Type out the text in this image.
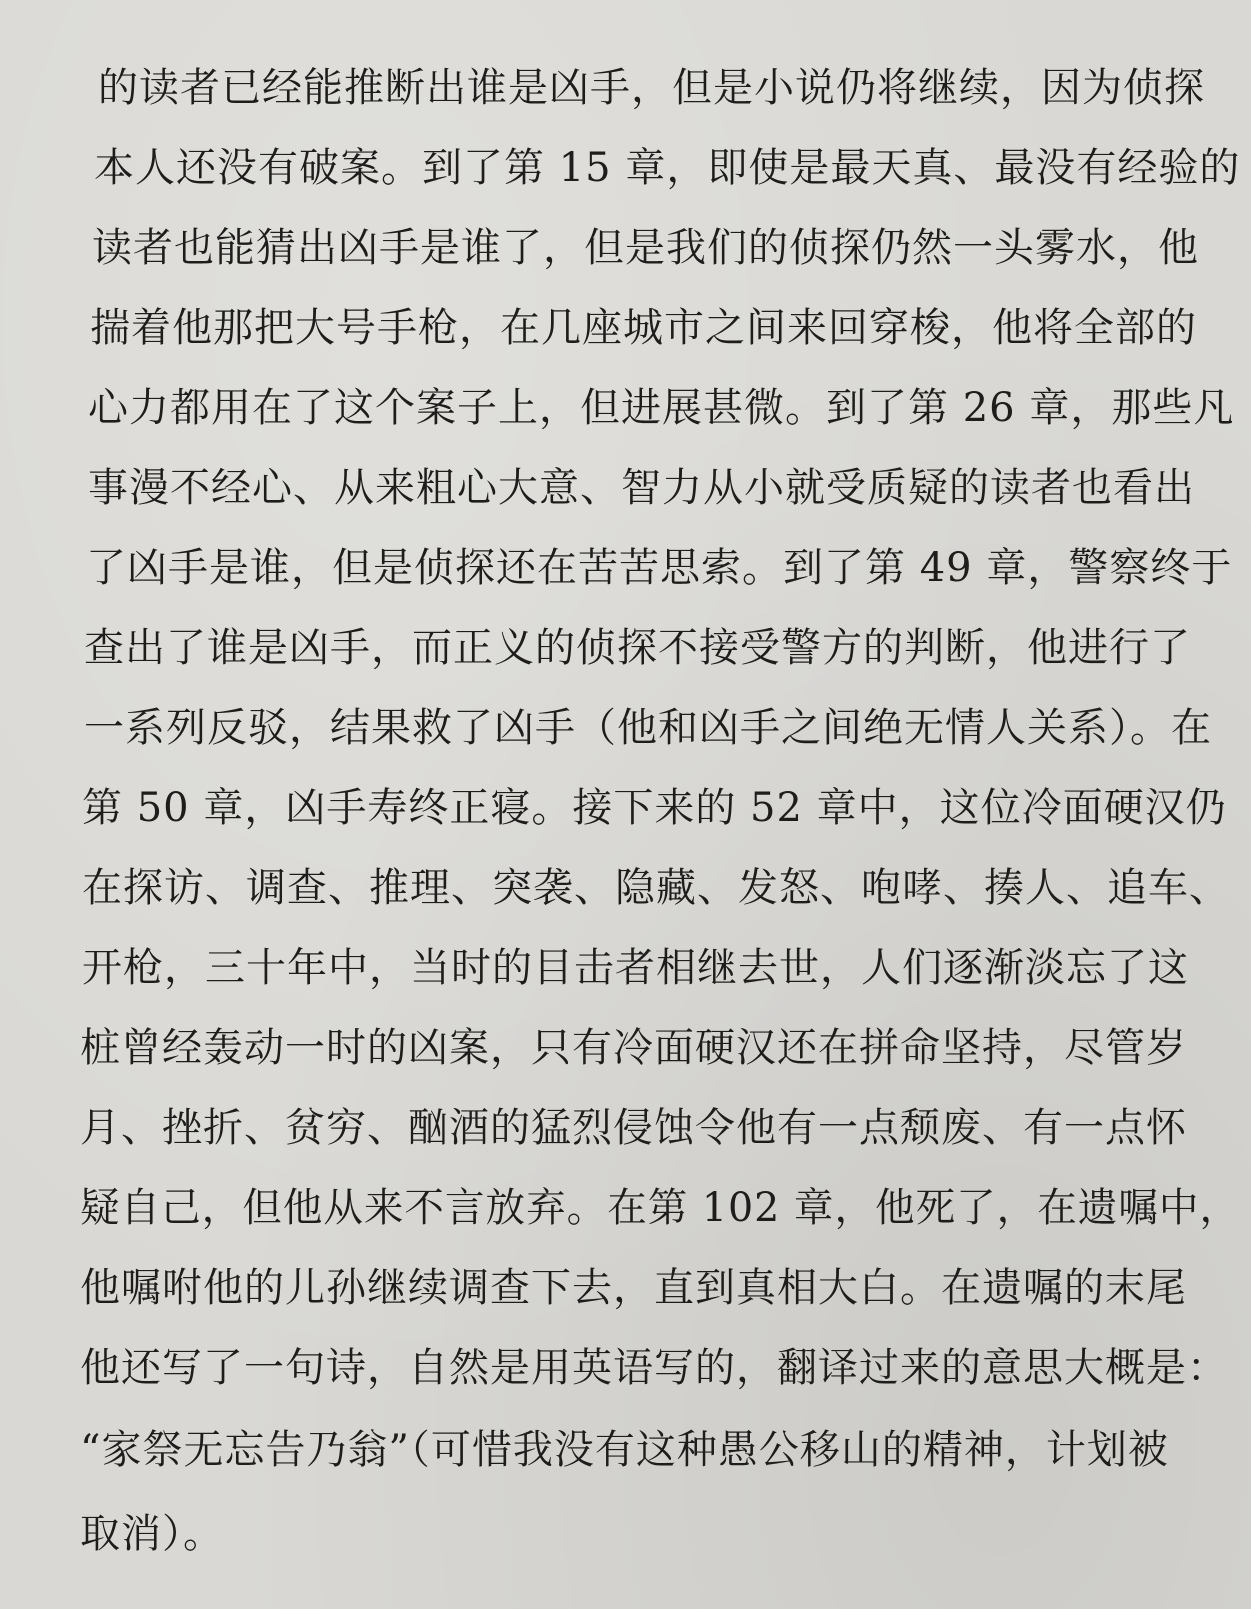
的读者已经能推断出谁是凶手，但是小说仍将继续，因为侦探
本人还没有破案。到了第 15 章，即使是最天真、最没有经验的
读者也能猜出凶手是谁了，但是我们的侦探仍然一头雾水，他
揣着他那把大号手枪，在几座城市之间来回穿梭，他将全部的
心力都用在了这个案子上，但进展甚微。到了第 26 章，那些凡
事漫不经心、从来粗心大意、智力从小就受质疑的读者也看出
了凶手是谁，但是侦探还在苦苦思索。到了第 49 章，警察终于
查出了谁是凶手，而正义的侦探不接受警方的判断，他进行了
一系列反驳，结果救了凶手（他和凶手之间绝无情人关系）。在
第 50 章，凶手寿终正寝。接下来的 52 章中，这位冷面硬汉仍
在探访、调查、推理、突袭、隐藏、发怒、咆哮、揍人、追车、
开枪，三十年中，当时的目击者相继去世，人们逐渐淡忘了这
桩曾经轰动一时的凶案，只有冷面硬汉还在拼命坚持，尽管岁
月、挫折、贫穷、酗酒的猛烈侵蚀令他有一点颓废、有一点怀
疑自己，但他从来不言放弃。在第 102 章，他死了，在遗嘱中，
他嘱咐他的儿孙继续调查下去，直到真相大白。在遗嘱的末尾
他还写了一句诗，自然是用英语写的，翻译过来的意思大概是：
“家祭无忘告乃翁”（可惜我没有这种愚公移山的精神，计划被
取消）。
